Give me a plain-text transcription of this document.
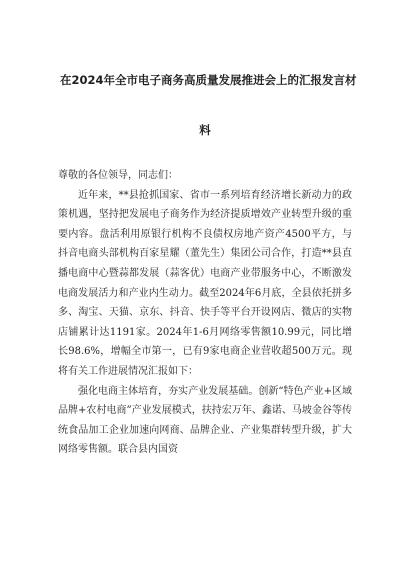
在2024年全市电子商务高质量发展推进会上的汇报发言材
料

尊敬的各位领导，同志们：

近年来，**县抢抓国家、省市一系列培育经济增长新动力的政策机遇，坚持把发展电子商务作为经济提质增效产业转型升级的重要内容。盘活利用原银行机构不良债权房地产资产4500平方，与抖音电商头部机构百家星耀（董先生）集团公司合作，打造**县直播电商中心暨蒜都发展（蒜客优）电商产业带服务中心，不断激发电商发展活力和产业内生动力。截至2024年6月底，全县依托拼多多、淘宝、天猫、京东、抖音、快手等平台开设网店、微店的实物店铺累计达1191家。2024年1-6月网络零售额10.99元，同比增长98.6%，增幅全市第一，已有9家电商企业营收超500万元。现将有关工作进展情况汇报如下：

强化电商主体培育，夯实产业发展基础。创新“特色产业+区域品牌+农村电商”产业发展模式，扶持宏万年、鑫诺、马坡金谷等传统食品加工企业加速向网商、品牌企业、产业集群转型升级，扩大网络零售额。联合县内国资
